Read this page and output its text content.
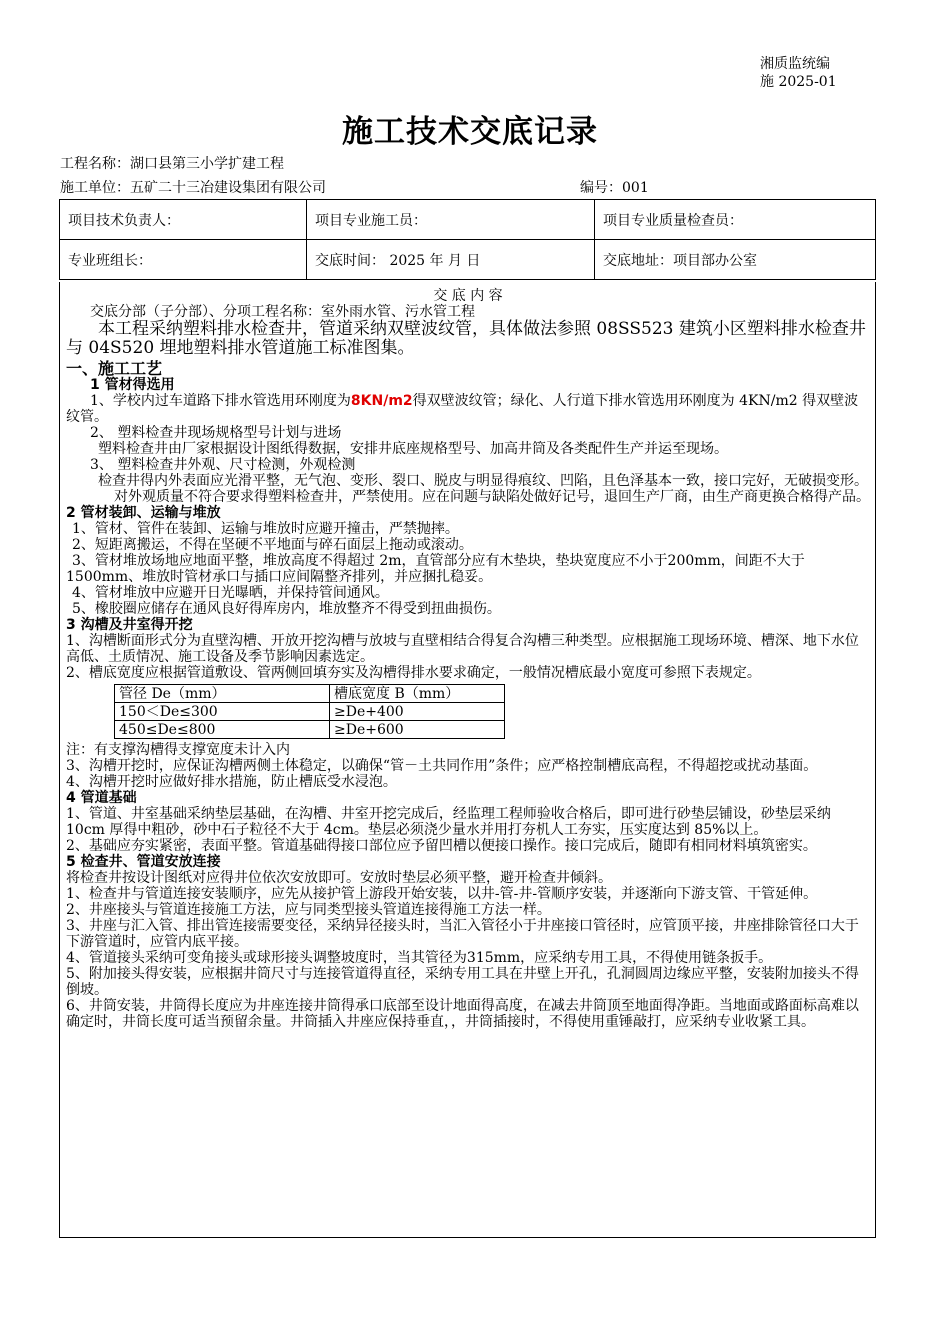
湘质监统编
施 2025-01
施工技术交底记录
工程名称：湖口县第三小学扩建工程
施工单位：五矿二十三冶建设集团有限公司	编号：001
项目技术负责人：	项目专业施工员：	项目专业质量检查员：
专业班组长：	交底时间： 2025 年 月 日	交底地址：项目部办公室

交 底 内 容

交底分部（子分部）、分项工程名称：室外雨水管、污水管工程

本工程采纳塑料排水检查井，管道采纳双壁波纹管，具体做法参照 08SS523 建筑小区塑料排水检查井与 04S520 埋地塑料排水管道施工标准图集。

一、施工工艺

1 管材得选用

1、学校内过车道路下排水管选用环刚度为8KN/m2得双壁波纹管；绿化、人行道下排水管选用环刚度为 4KN/m2 得双壁波纹管。

2、 塑料检查井现场规格型号计划与进场

塑料检查井由厂家根据设计图纸得数据，安排井底座规格型号、加高井筒及各类配件生产并运至现场。

3、 塑料检查井外观、尺寸检测，外观检测

检查井得内外表面应光滑平整，无气泡、变形、裂口、脱皮与明显得痕纹、凹陷，且色泽基本一致，接口完好，无破损变形。

对外观质量不符合要求得塑料检查井，严禁使用。应在问题与缺陷处做好记号，退回生产厂商，由生产商更换合格得产品。

2 管材装卸、运输与堆放

1、管材、管件在装卸、运输与堆放时应避开撞击，严禁抛摔。

2、短距离搬运，不得在坚硬不平地面与碎石面层上拖动或滚动。

3、管材堆放场地应地面平整，堆放高度不得超过 2m，直管部分应有木垫块，垫块宽度应不小于200mm，间距不大于 1500mm、堆放时管材承口与插口应间隔整齐排列，并应捆扎稳妥。

4、管材堆放中应避开日光曝晒，并保持管间通风。

5、橡胶圈应储存在通风良好得库房内，堆放整齐不得受到扭曲损伤。

3 沟槽及井室得开挖

1、沟槽断面形式分为直壁沟槽、开放开挖沟槽与放坡与直壁相结合得复合沟槽三种类型。应根据施工现场环境、槽深、地下水位高低、土质情况、施工设备及季节影响因素选定。

2、槽底宽度应根据管道敷设、管两侧回填夯实及沟槽得排水要求确定，一般情况槽底最小宽度可参照下表规定。

管径 De（mm）	槽底宽度 B（mm）
150＜De≤300	≥De+400
450≤De≤800	≥De+600

注：有支撑沟槽得支撑宽度未计入内

3、沟槽开挖时，应保证沟槽两侧土体稳定，以确保“管－土共同作用”条件；应严格控制槽底高程，不得超挖或扰动基面。

4、沟槽开挖时应做好排水措施，防止槽底受水浸泡。

4 管道基础

1、管道、井室基础采纳垫层基础，在沟槽、井室开挖完成后，经监理工程师验收合格后，即可进行砂垫层铺设，砂垫层采纳 10cm 厚得中粗砂，砂中石子粒径不大于 4cm。垫层必须浇少量水并用打夯机人工夯实，压实度达到 85%以上。

2、基础应夯实紧密，表面平整。管道基础得接口部位应予留凹槽以便接口操作。接口完成后，随即有相同材料填筑密实。

5 检查井、管道安放连接

将检查井按设计图纸对应得井位依次安放即可。安放时垫层必须平整，避开检查井倾斜。

1、检查井与管道连接安装顺序，应先从接护管上游段开始安装，以井-管-井-管顺序安装，并逐渐向下游支管、干管延伸。

2、井座接头与管道连接施工方法，应与同类型接头管道连接得施工方法一样。

3、井座与汇入管、排出管连接需要变径，采纳异径接头时，当汇入管径小于井座接口管径时，应管顶平接，井座排除管径口大于下游管道时，应管内底平接。

4、管道接头采纳可变角接头或球形接头调整坡度时，当其管径为315mm，应采纳专用工具，不得使用链条扳手。

5、附加接头得安装，应根据井筒尺寸与连接管道得直径，采纳专用工具在井壁上开孔，孔洞圆周边缘应平整，安装附加接头不得倒坡。

6、井筒安装，井筒得长度应为井座连接井筒得承口底部至设计地面得高度，在减去井筒顶至地面得净距。当地面或路面标高难以确定时，井筒长度可适当预留余量。井筒插入井座应保持垂直，，井筒插接时，不得使用重锤敲打，应采纳专业收紧工具。
